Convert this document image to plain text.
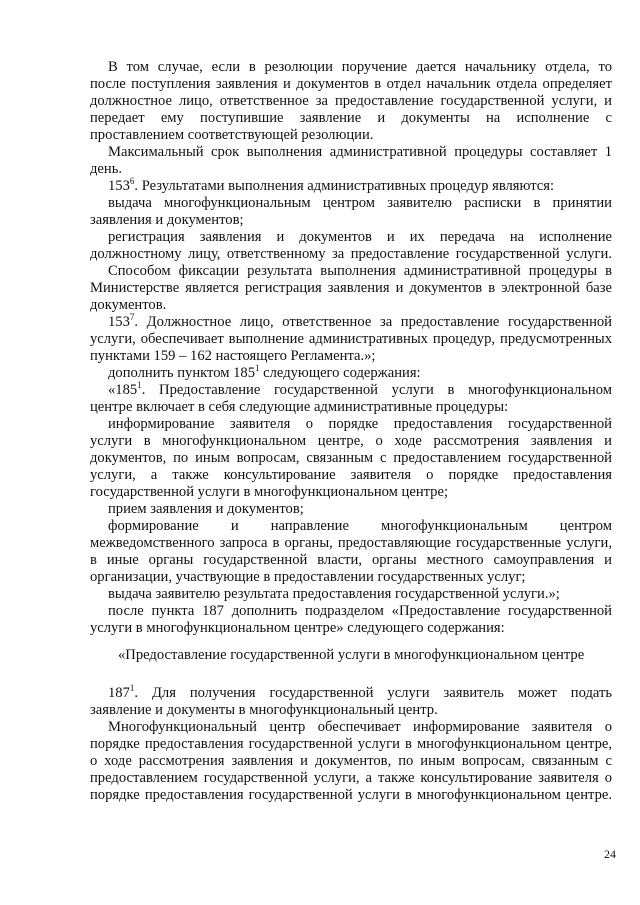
В том случае, если в резолюции поручение дается начальнику отдела, то
после поступления заявления и документов в отдел начальник отдела определяет
должностное лицо, ответственное за предоставление государственной услуги, и
передает ему поступившие заявление и документы на исполнение с
проставлением соответствующей резолюции.
Максимальный срок выполнения административной процедуры составляет 1
день.
$153^6$. Результатами выполнения административных процедур являются:
выдача многофункциональным центром заявителю расписки в принятии
заявления и документов;
регистрация заявления и документов и их передача на исполнение
должностному лицу, ответственному за предоставление государственной услуги.
Способом фиксации результата выполнения административной процедуры в
Министерстве является регистрация заявления и документов в электронной базе
документов.
$153^7$. Должностное лицо, ответственное за предоставление государственной
услуги, обеспечивает выполнение административных процедур, предусмотренных
пунктами 159 – 162 настоящего Регламента.»;
дополнить пунктом $185^1$ следующего содержания:
«$185^1$. Предоставление государственной услуги в многофункциональном
центре включает в себя следующие административные процедуры:
информирование заявителя о порядке предоставления государственной
услуги в многофункциональном центре, о ходе рассмотрения заявления и
документов, по иным вопросам, связанным с предоставлением государственной
услуги, а также консультирование заявителя о порядке предоставления
государственной услуги в многофункциональном центре;
прием заявления и документов;
формирование и направление многофункциональным центром
межведомственного запроса в органы, предоставляющие государственные услуги,
в иные органы государственной власти, органы местного самоуправления и
организации, участвующие в предоставлении государственных услуг;
выдача заявителю результата предоставления государственной услуги.»;
после пункта 187 дополнить подразделом «Предоставление государственной
услуги в многофункциональном центре» следующего содержания:
«Предоставление государственной услуги в многофункциональном центре
$187^1$. Для получения государственной услуги заявитель может подать
заявление и документы в многофункциональный центр.
Многофункциональный центр обеспечивает информирование заявителя о
порядке предоставления государственной услуги в многофункциональном центре,
о ходе рассмотрения заявления и документов, по иным вопросам, связанным с
предоставлением государственной услуги, а также консультирование заявителя о
порядке предоставления государственной услуги в многофункциональном центре.
24
